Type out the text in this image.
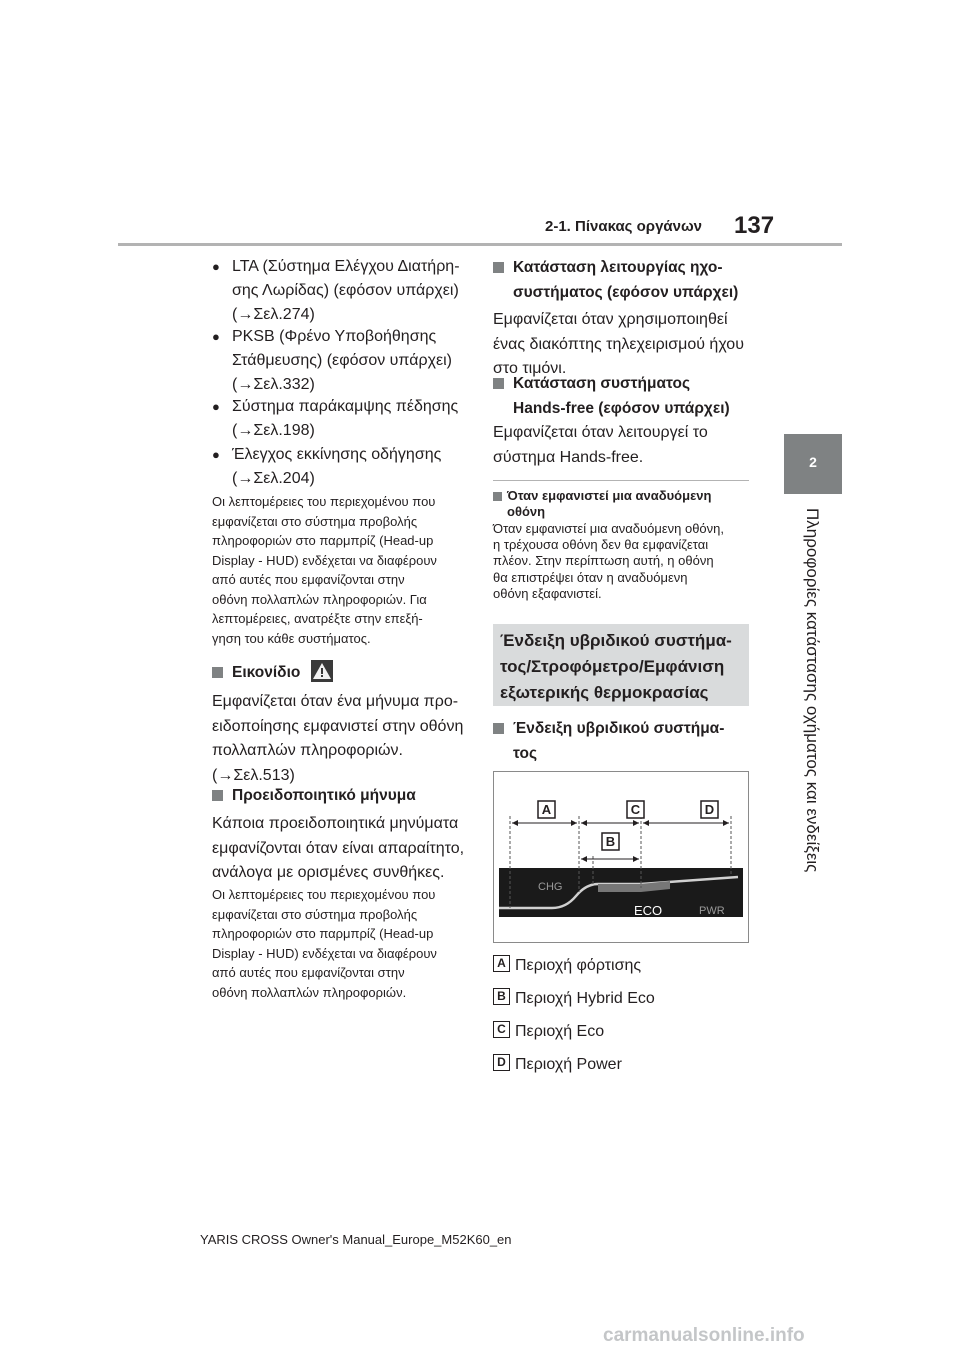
2-1. Πίνακας οργάνων 137
2
Πληροφορίες κατάστασης οχήματος και ενδείξεις
● LTA (Σύστημα Ελέγχου Διατήρη-
σης Λωρίδας) (εφόσον υπάρχει)
(→Σελ.274)
● PKSB (Φρένο Υποβοήθησης
Στάθμευσης) (εφόσον υπάρχει)
(→Σελ.332)
● Σύστημα παράκαμψης πέδησης
(→Σελ.198)
● Έλεγχος εκκίνησης οδήγησης
(→Σελ.204)
Οι λεπτομέρειες του περιεχομένου που
εμφανίζεται στο σύστημα προβολής
πληροφοριών στο παρμπρίζ (Head-up
Display - HUD) ενδέχεται να διαφέρουν
από αυτές που εμφανίζονται στην
οθόνη πολλαπλών πληροφοριών. Για
λεπτομέρειες, ανατρέξτε στην επεξή-
γηση του κάθε συστήματος.
Εικονίδιο
Εμφανίζεται όταν ένα μήνυμα προ-
ειδοποίησης εμφανιστεί στην οθόνη
πολλαπλών πληροφοριών.
(→Σελ.513)
Προειδοποιητικό μήνυμα
Κάποια προειδοποιητικά μηνύματα
εμφανίζονται όταν είναι απαραίτητο,
ανάλογα με ορισμένες συνθήκες.
Οι λεπτομέρειες του περιεχομένου που
εμφανίζεται στο σύστημα προβολής
πληροφοριών στο παρμπρίζ (Head-up
Display - HUD) ενδέχεται να διαφέρουν
από αυτές που εμφανίζονται στην
οθόνη πολλαπλών πληροφοριών.
Κατάσταση λειτουργίας ηχο-
συστήματος (εφόσον υπάρχει)
Εμφανίζεται όταν χρησιμοποιηθεί
ένας διακόπτης τηλεχειρισμού ήχου
στο τιμόνι.
Κατάσταση συστήματος
Hands-free (εφόσον υπάρχει)
Εμφανίζεται όταν λειτουργεί το
σύστημα Hands-free.
Όταν εμφανιστεί μια αναδυόμενη
οθόνη
Όταν εμφανιστεί μια αναδυόμενη οθόνη,
η τρέχουσα οθόνη δεν θα εμφανίζεται
πλέον. Στην περίπτωση αυτή, η οθόνη
θα επιστρέψει όταν η αναδυόμενη
οθόνη εξαφανιστεί.
Ένδειξη υβριδικού συστήμα-
τος/Στροφόμετρο/Εμφάνιση
εξωτερικής θερμοκρασίας
Ένδειξη υβριδικού συστήμα-
τος
A
B
C	D
CHG
ECO	PWR
A Περιοχή φόρτισης
B Περιοχή Hybrid Eco
C Περιοχή Eco
D Περιοχή Power
YARIS CROSS Owner's Manual_Europe_M52K60_en
carmanualsonline.info
